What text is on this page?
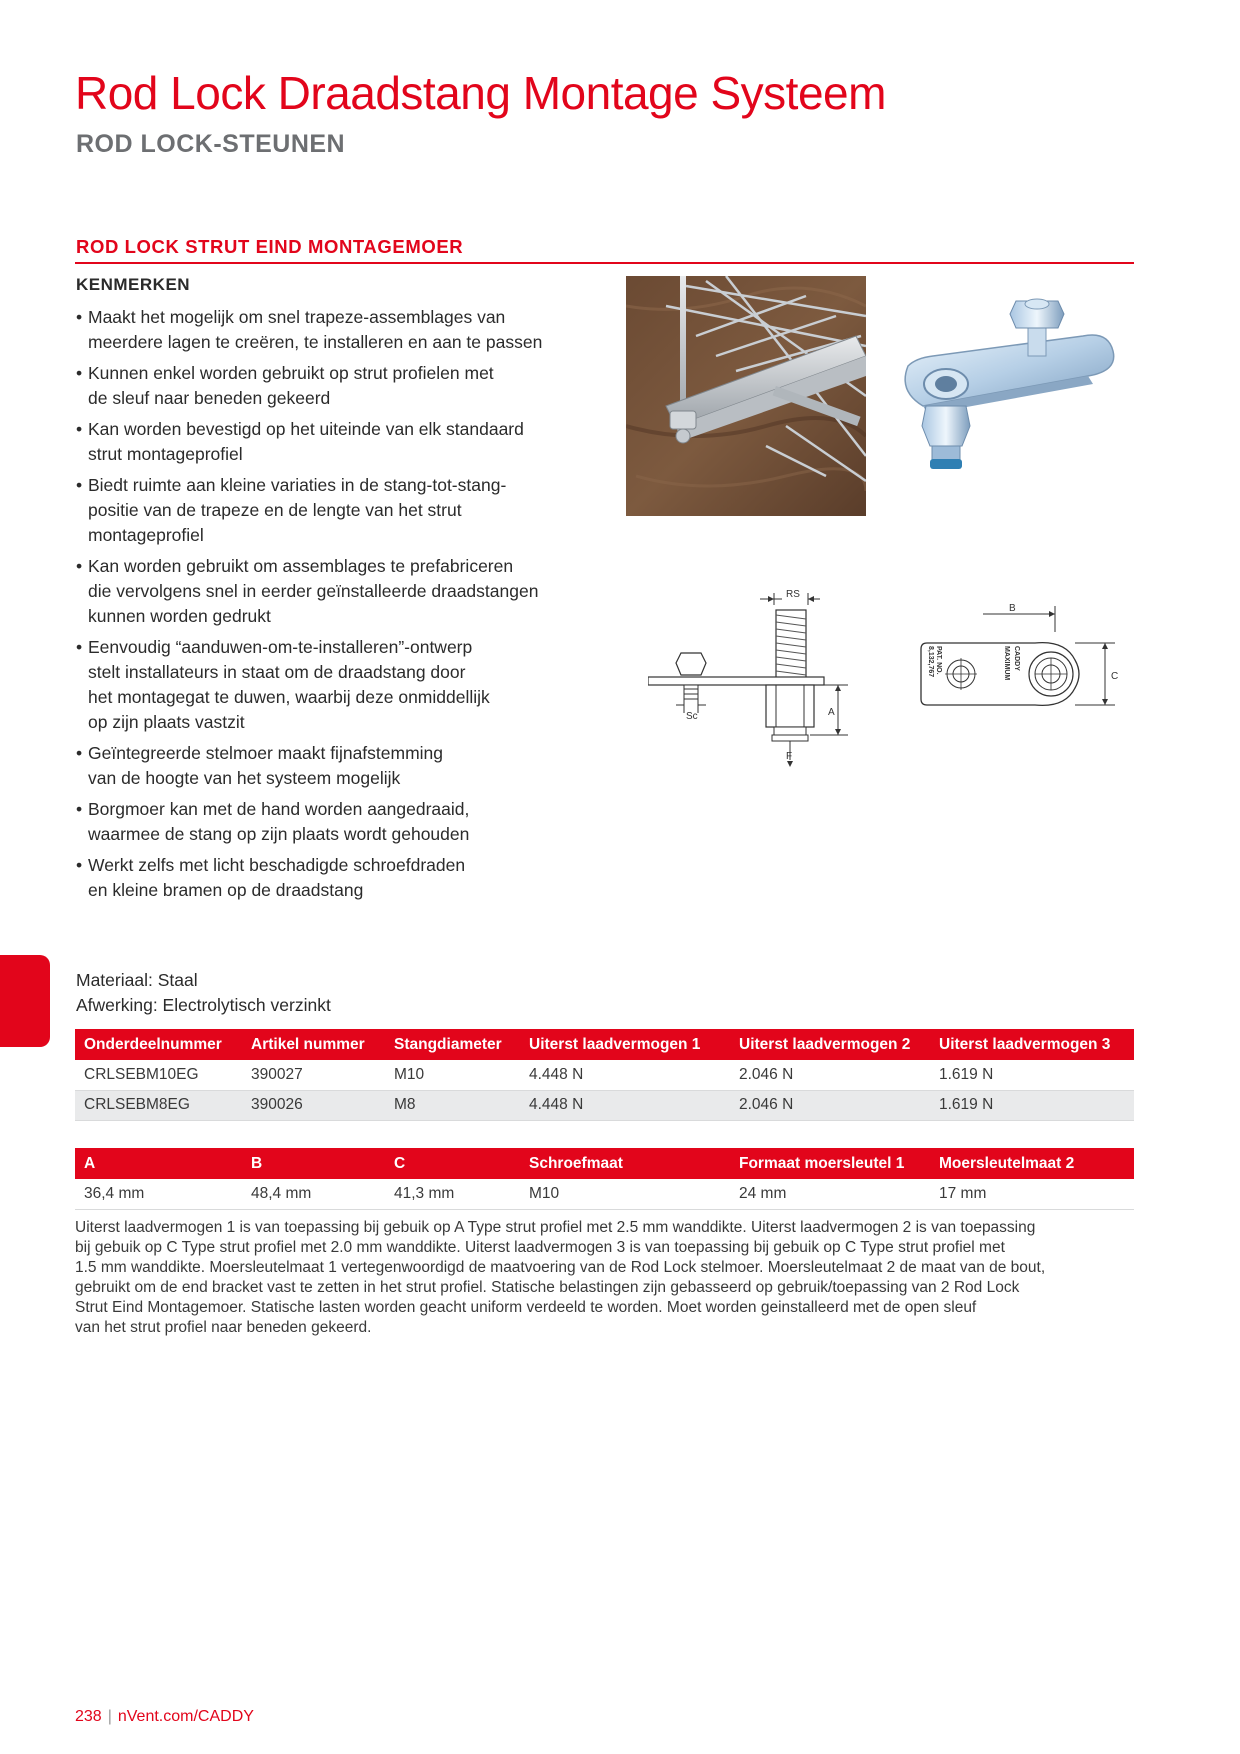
Rod Lock Draadstang Montage Systeem
ROD LOCK-STEUNEN
ROD LOCK STRUT EIND MONTAGEMOER
KENMERKEN
• Maakt het mogelijk om snel trapeze-assemblages van
meerdere lagen te creëren, te installeren en aan te passen
• Kunnen enkel worden gebruikt op strut profielen met
de sleuf naar beneden gekeerd
• Kan worden bevestigd op het uiteinde van elk standaard
strut montageprofiel
• Biedt ruimte aan kleine variaties in de stang-tot-stang-
positie van de trapeze en de lengte van het strut
montageprofiel
• Kan worden gebruikt om assemblages te prefabriceren
die vervolgens snel in eerder geïnstalleerde draadstangen
kunnen worden gedrukt
• Eenvoudig “aanduwen-om-te-installeren”-ontwerp
stelt installateurs in staat om de draadstang door
het montagegat te duwen, waarbij deze onmiddellijk
op zijn plaats vastzit
• Geïntegreerde stelmoer maakt fijnafstemming
van de hoogte van het systeem mogelijk
• Borgmoer kan met de hand worden aangedraaid,
waarmee de stang op zijn plaats wordt gehouden
• Werkt zelfs met licht beschadigde schroefdraden
en kleine bramen op de draadstang
RS
Sc	A
F
CADDY
MAXIMUM
PAT. NO.
8,132,767
B
C
Materiaal: Staal
Afwerking: Electrolytisch verzinkt
Onderdeelnummer	Artikel nummer	Stangdiameter	Uiterst laadvermogen 1	Uiterst laadvermogen 2	Uiterst laadvermogen 3
CRLSEBM10EG	390027	M10	4.448 N	2.046 N	1.619 N
CRLSEBM8EG	390026	M8	4.448 N	2.046 N	1.619 N
A	B	C	Schroefmaat	Formaat moersleutel 1	Moersleutelmaat 2
36,4 mm	48,4 mm	41,3 mm	M10	24 mm	17 mm

Uiterst laadvermogen 1 is van toepassing bij gebuik op A Type strut profiel met 2.5 mm wanddikte. Uiterst laadvermogen 2 is van toepassing

bij gebuik op C Type strut profiel met 2.0 mm wanddikte. Uiterst laadvermogen 3 is van toepassing bij gebuik op C Type strut profiel met

1.5 mm wanddikte. Moersleutelmaat 1 vertegenwoordigd de maatvoering van de Rod Lock stelmoer. Moersleutelmaat 2 de maat van de bout,

gebruikt om de end bracket vast te zetten in het strut profiel. Statische belastingen zijn gebasseerd op gebruik/toepassing van 2 Rod Lock

Strut Eind Montagemoer. Statische lasten worden geacht uniform verdeeld te worden. Moet worden geinstalleerd met de open sleuf

van het strut profiel naar beneden gekeerd.

238 | nVent.com/CADDY
